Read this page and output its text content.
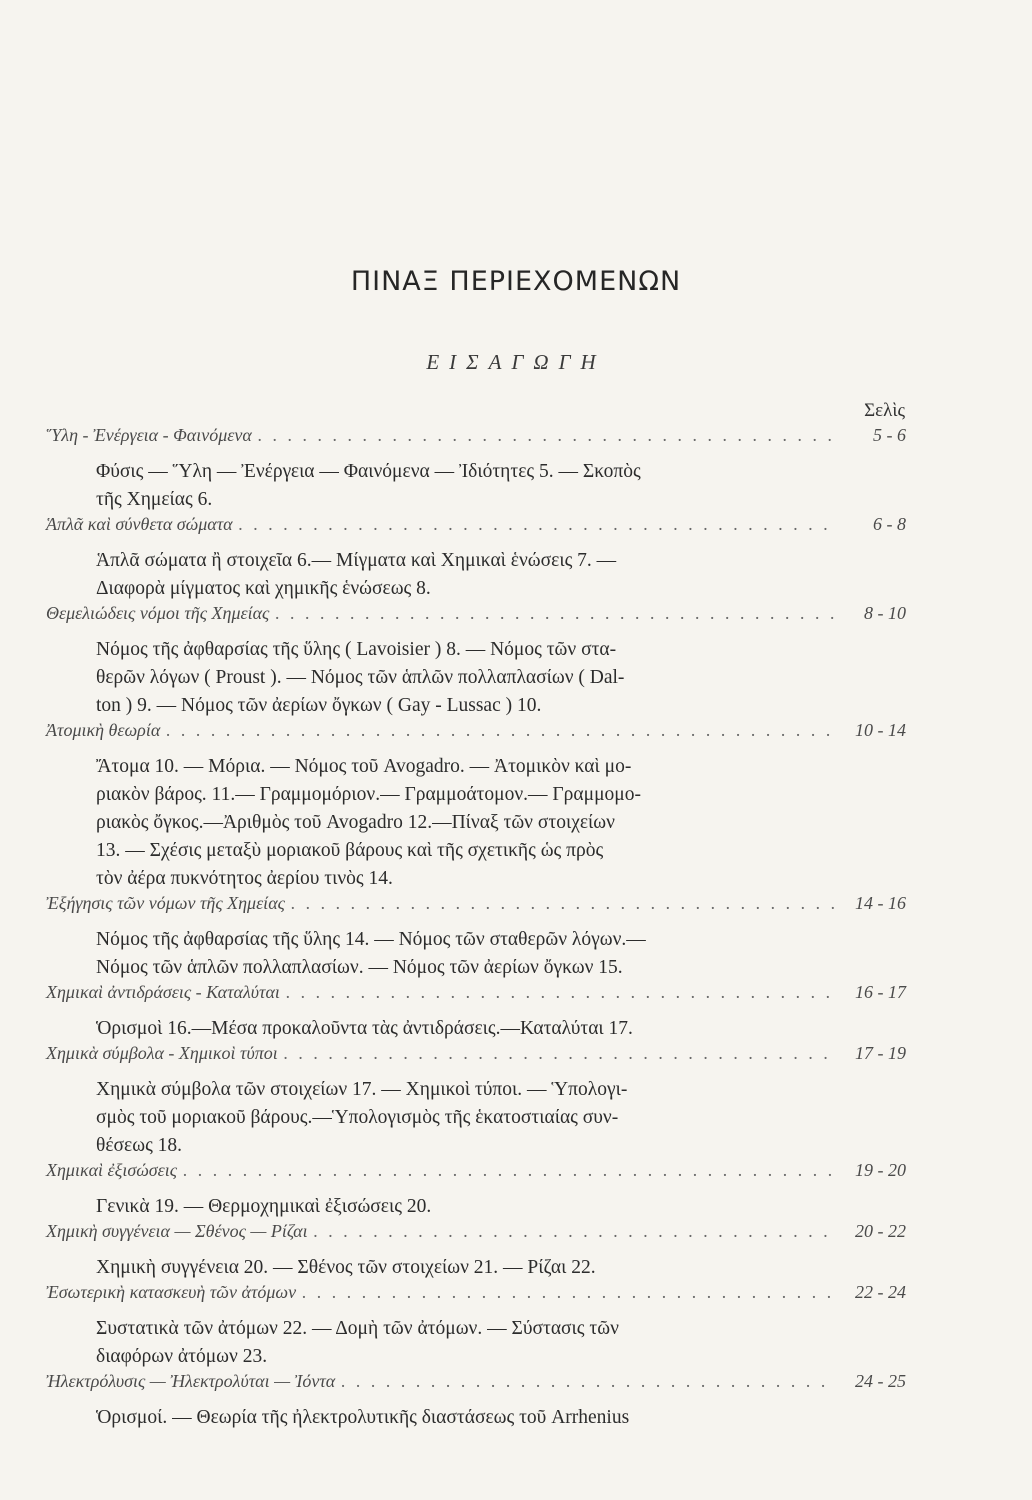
ΠΙΝΑΞ ΠΕΡΙΕΧΟΜΕΝΩΝ
ΕΙΣΑΓΩΓΗ
Σελὶς
Ὕλη - Ἐνέργεια - Φαινόμενα . . .	5 - 6
Φύσις — Ὕλη — Ἐνέργεια — Φαινόμενα — Ἰδιότητες 5. — Σκοπὸς
τῆς Χημείας 6.
Ἁπλᾶ καὶ σύνθετα σώματα . . .	6 - 8
Ἁπλᾶ σώματα ἢ στοιχεῖα 6.— Μίγματα καὶ Χημικαὶ ἑνώσεις 7. —
Διαφορὰ μίγματος καὶ χημικῆς ἑνώσεως 8.
Θεμελιώδεις νόμοι τῆς Χημείας . . .	8 - 10
Νόμος τῆς ἀφθαρσίας τῆς ὕλης ( Lavoisier ) 8. — Νόμος τῶν στα-
θερῶν λόγων ( Proust ). — Νόμος τῶν ἁπλῶν πολλαπλασίων ( Dal-
ton ) 9. — Νόμος τῶν ἀερίων ὄγκων ( Gay - Lussac ) 10.
Ἀτομικὴ θεωρία . . .	10 - 14
Ἄτομα 10. — Μόρια. — Νόμος τοῦ Avogadro. — Ἀτομικὸν καὶ μο-
ριακὸν βάρος. 11.— Γραμμομόριον.— Γραμμοάτομον.— Γραμμομο-
ριακὸς ὄγκος.—Ἀριθμὸς τοῦ Avogadro 12.—Πίναξ τῶν στοιχείων
13. — Σχέσις μεταξὺ μοριακοῦ βάρους καὶ τῆς σχετικῆς ὡς πρὸς
τὸν ἀέρα πυκνότητος ἀερίου τινὸς 14.
Ἐξήγησις τῶν νόμων τῆς Χημείας . . .	14 - 16
Νόμος τῆς ἀφθαρσίας τῆς ὕλης 14. — Νόμος τῶν σταθερῶν λόγων.—
Νόμος τῶν ἁπλῶν πολλαπλασίων. — Νόμος τῶν ἀερίων ὄγκων 15.
Χημικαὶ ἀντιδράσεις - Καταλύται . . .	16 - 17
Ὁρισμοὶ 16.—Μέσα προκαλοῦντα τὰς ἀντιδράσεις.—Καταλύται 17.
Χημικὰ σύμβολα - Χημικοὶ τύποι . . .	17 - 19
Χημικὰ σύμβολα τῶν στοιχείων 17. — Χημικοὶ τύποι. — Ὑπολογι-
σμὸς τοῦ μοριακοῦ βάρους.—Ὑπολογισμὸς τῆς ἑκατοστιαίας συν-
θέσεως 18.
Χημικαὶ ἐξισώσεις . . .	19 - 20
Γενικὰ 19. — Θερμοχημικαὶ ἐξισώσεις 20.
Χημικὴ συγγένεια — Σθένος — Ρίζαι . . .	20 - 22
Χημικὴ συγγένεια 20. — Σθένος τῶν στοιχείων 21. — Ρίζαι 22.
Ἐσωτερικὴ κατασκευὴ τῶν ἀτόμων . . .	22 - 24
Συστατικὰ τῶν ἀτόμων 22. — Δομὴ τῶν ἀτόμων. — Σύστασις τῶν
διαφόρων ἀτόμων 23.
Ἠλεκτρόλυσις — Ἠλεκτρολύται — Ἰόντα . . .	24 - 25
Ὁρισμοί. — Θεωρία τῆς ἠλεκτρολυτικῆς διαστάσεως τοῦ Arrhenius
